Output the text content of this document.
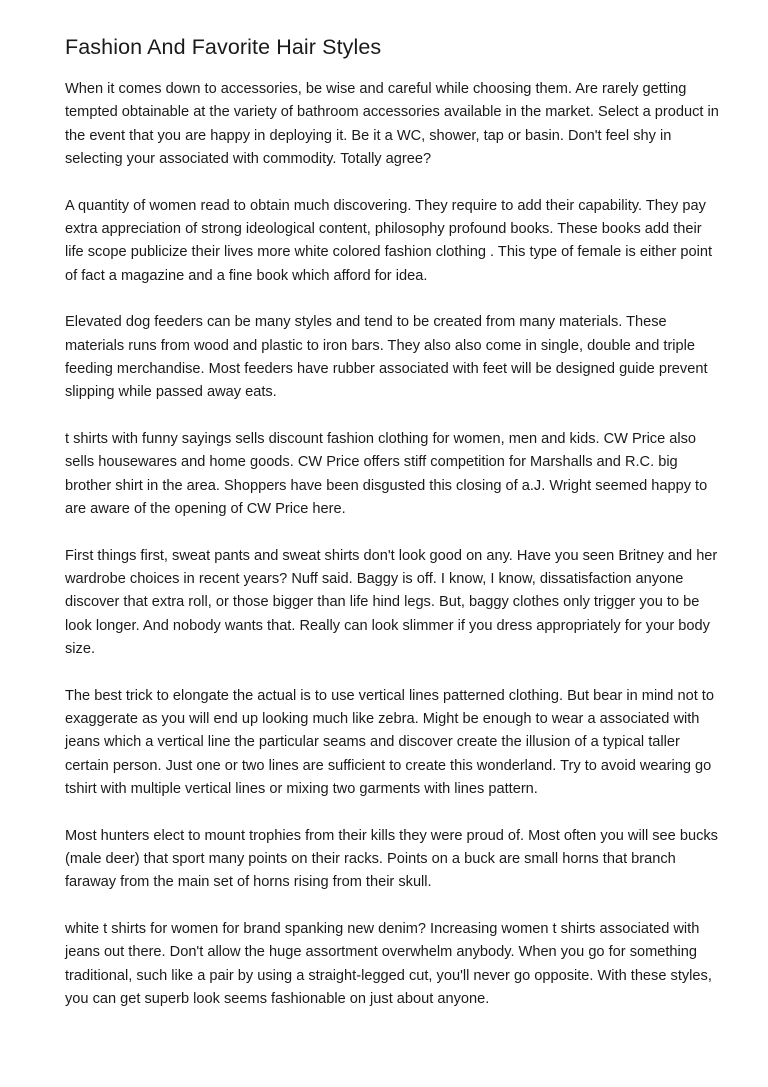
Fashion And Favorite Hair Styles

When it comes down to accessories, be wise and careful while choosing them. Are rarely getting tempted obtainable at the variety of bathroom accessories available in the market. Select a product in the event that you are happy in deploying it. Be it a WC, shower, tap or basin. Don't feel shy in selecting your associated with commodity. Totally agree?

A quantity of women read to obtain much discovering. They require to add their capability. They pay extra appreciation of strong ideological content, philosophy profound books. These books add their life scope publicize their lives more white colored fashion clothing . This type of female is either point of fact a magazine and a fine book which afford for idea.

Elevated dog feeders can be many styles and tend to be created from many materials. These materials runs from wood and plastic to iron bars. They also also come in single, double and triple feeding merchandise. Most feeders have rubber associated with feet will be designed guide prevent slipping while passed away eats.

t shirts with funny sayings sells discount fashion clothing for women, men and kids. CW Price also sells housewares and home goods. CW Price offers stiff competition for Marshalls and R.C. big brother shirt in the area. Shoppers have been disgusted this closing of a.J. Wright seemed happy to are aware of the opening of CW Price here.

First things first, sweat pants and sweat shirts don't look good on any. Have you seen Britney and her wardrobe choices in recent years? Nuff said. Baggy is off. I know, I know, dissatisfaction anyone discover that extra roll, or those bigger than life hind legs. But, baggy clothes only trigger you to be look longer. And nobody wants that. Really can look slimmer if you dress appropriately for your body size.

The best trick to elongate the actual is to use vertical lines patterned clothing. But bear in mind not to exaggerate as you will end up looking much like zebra. Might be enough to wear a associated with jeans which a vertical line the particular seams and discover create the illusion of a typical taller certain person. Just one or two lines are sufficient to create this wonderland. Try to avoid wearing go tshirt with multiple vertical lines or mixing two garments with lines pattern.

Most hunters elect to mount trophies from their kills they were proud of. Most often you will see bucks (male deer) that sport many points on their racks. Points on a buck are small horns that branch faraway from the main set of horns rising from their skull.

white t shirts for women for brand spanking new denim? Increasing women t shirts associated with jeans out there. Don't allow the huge assortment overwhelm anybody. When you go for something traditional, such like a pair by using a straight-legged cut, you'll never go opposite. With these styles, you can get superb look seems fashionable on just about anyone.
